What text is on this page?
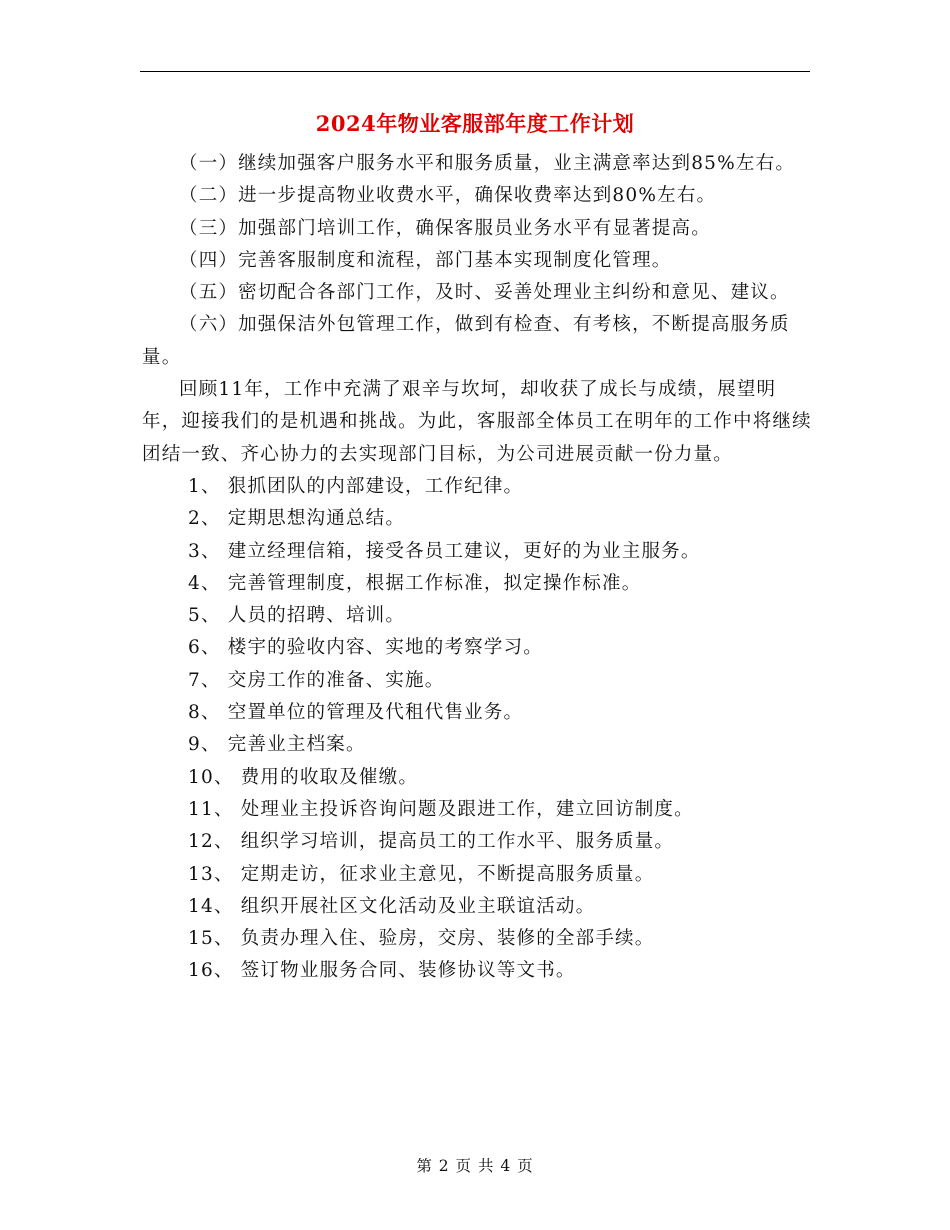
2024年物业客服部年度工作计划

（一）继续加强客户服务水平和服务质量，业主满意率达到85%左右。

（二）进一步提高物业收费水平，确保收费率达到80%左右。

（三）加强部门培训工作，确保客服员业务水平有显著提高。

（四）完善客服制度和流程，部门基本实现制度化管理。

（五）密切配合各部门工作，及时、妥善处理业主纠纷和意见、建议。

（六）加强保洁外包管理工作，做到有检查、有考核，不断提高服务质量。

回顾11年，工作中充满了艰辛与坎坷，却收获了成长与成绩，展望明年，迎接我们的是机遇和挑战。为此，客服部全体员工在明年的工作中将继续团结一致、齐心协力的去实现部门目标，为公司进展贡献一份力量。

1、 狠抓团队的内部建设，工作纪律。

2、 定期思想沟通总结。

3、 建立经理信箱，接受各员工建议，更好的为业主服务。

4、 完善管理制度，根据工作标准，拟定操作标准。

5、 人员的招聘、培训。

6、 楼宇的验收内容、实地的考察学习。

7、 交房工作的准备、实施。

8、 空置单位的管理及代租代售业务。

9、 完善业主档案。

10、 费用的收取及催缴。

11、 处理业主投诉咨询问题及跟进工作，建立回访制度。

12、 组织学习培训，提高员工的工作水平、服务质量。

13、 定期走访，征求业主意见，不断提高服务质量。

14、 组织开展社区文化活动及业主联谊活动。

15、 负责办理入住、验房，交房、装修的全部手续。

16、 签订物业服务合同、装修协议等文书。

第 2 页 共 4 页
